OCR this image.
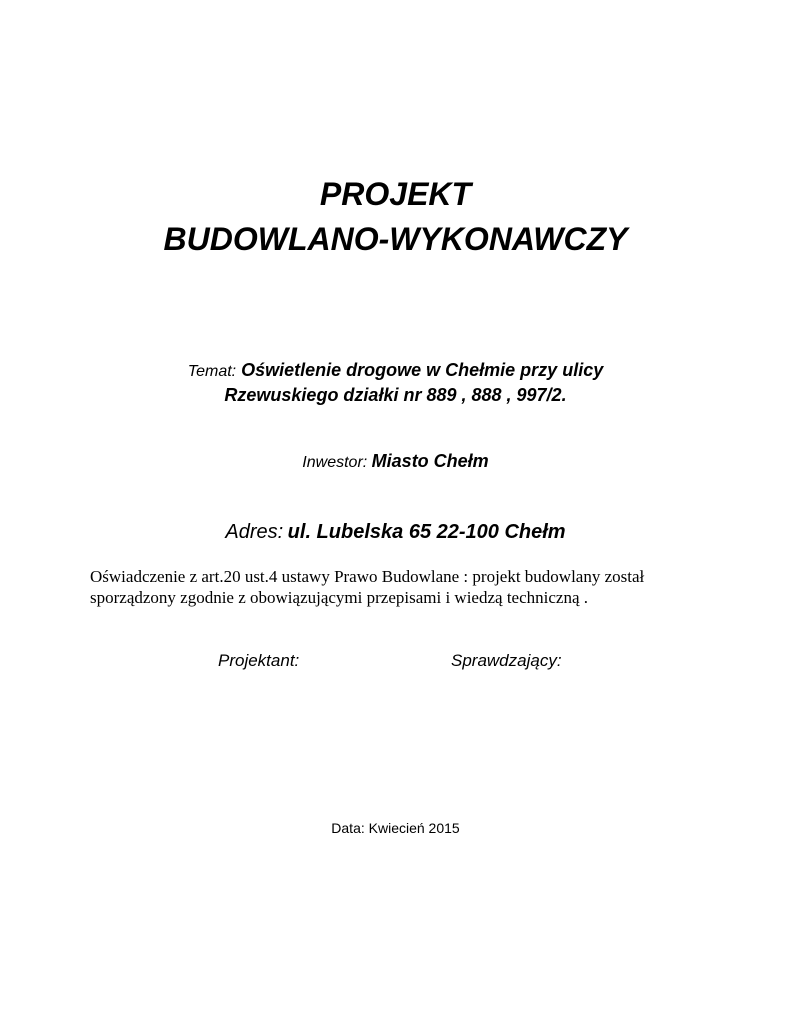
PROJEKT
BUDOWLANO-WYKONAWCZY

Temat: Oświetlenie drogowe w Chełmie przy ulicy

Rzewuskiego działki nr 889 , 888 , 997/2.

Inwestor: Miasto Chełm
Adres: ul. Lubelska 65 22-100 Chełm
Oświadczenie z art.20 ust.4 ustawy Prawo Budowlane : projekt budowlany został
sporządzony zgodnie z obowiązującymi przepisami i wiedzą techniczną .
Projektant:	Sprawdzający:
Data: Kwiecień 2015
